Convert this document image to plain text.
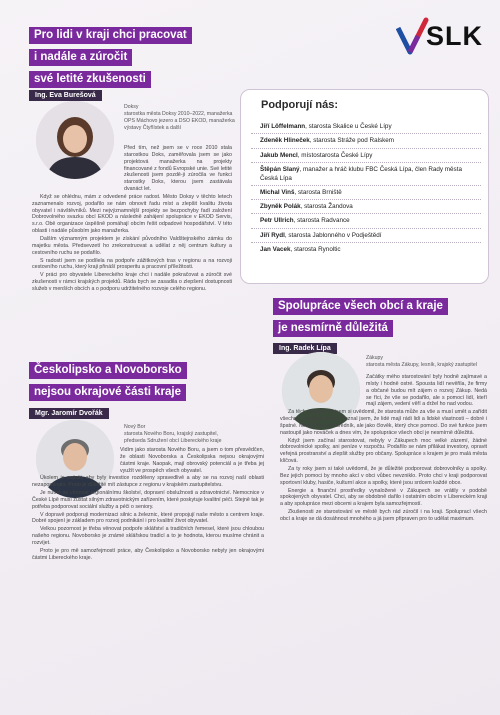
Pro lidi v kraji chci pracovat
i nadále a zúročit
své letité zkušenosti
Ing. Eva Burešová
SLK
Doksy
starostka města Doksy 2010–2022, manažerka
OPS Máchovo jezero a DSO EKOD, manažerka
výstavy Čtyřlístek a další

Před tím, než jsem se v roce 2010 stala starostkou Doks, zaměřovala jsem se jako projektová manažerka na projekty financované z fondů Evropské unie. Své letité zkušenosti jsem pozdě-ji zúročila ve funkci starostky Doks, kterou jsem zastávala dvanáct let.

Když se ohlédnu, mám z odvedené práce radost. Město Doksy v těchto letech zaznamenalo rozvoj, podařilo se nám obnovit řadu míst a zlepšit kvalitu života obyvatel i návštěvníků. Mezi nejvýznamnější projekty se bezpochyby řadí založení Dobrovolného svazku obcí EKOD a následně zahájení spolupráce v EKOD Servis, s.r.o. Obě organizace úspěšně pomáhají obcím řešit odpadové hospodářství. V této oblasti i nadále působím jako manažerka.

Dalším významným projektem je získání původního Valdštejnského zámku do majetku města. Předsevzetí ho zrekonstruovat a udělat z něj centrum kultury a cestovního ruchu se podařilo.

S radostí jsem se podílela na podpoře zážitkových tras v regionu a na rozvoji cestovního ruchu, který kraji přináší prosperitu a pracovní příležitosti.

V práci pro obyvatele Libereckého kraje chci i nadále pokračovat a zúročit své zkušenosti v rámci krajských projektů. Ráda bych se zasadila o zlepšení dostupnosti služeb v menších obcích a o podporu udržitelného rozvoje celého regionu.

Podporují nás:
Jiří Löffelmann, starosta Skalice u České Lípy
Zdeněk Hlineček, starosta Stráže pod Ralskem
Jakub Mencl, místostarosta České Lípy
Štěpán Slaný, manažer a hráč klubu FBC Česká Lípa, člen Rady města Česká Lípa
Michal Vinš, starosta Brniště
Zbyněk Polák, starosta Žandova
Petr Ullrich, starosta Radvance
Jiří Rydl, starosta Jablonného v Podještědí
Jan Vacek, starosta Rynoltic
Spolupráce všech obcí a kraje
je nesmírně důležitá
Ing. Radek Lípa
Zákupy
starosta města Zákupy, lesník, krajský zastupitel

Začátky mého starostování byly hodně zajímavé a místy i hodně ostré. Spousta lidí nevěřila, že firmy a občané budou mít zájem o rozvoj Zákup. Nedá se říci, že vše se podařilo, ale s pomocí lidí, kteří mají zájem, vedení věří a držel ho nad vodou.

Za těch dvanáct let jsem si uvědomil, že starosta může za vše a musí umět a zařídit všechno a nejlépe ihned. Poznal jsem, že lidé mají rádi lidi a lidské vlastnosti – dobré i špatné. Nechodím jako úředník, ale jako člověk, který chce pomoci. Do své funkce jsem nastoupil jako nováček a dnes vím, že spolupráce všech obcí je nesmírně důležitá.

Když jsem začínal starostovat, nebyly v Zákupech moc velké zázemí, žádné dobrovolnické spolky, ani peníze v rozpočtu. Podařilo se nám přilákat investory, opravit veřejná prostranství a zlepšit služby pro občany. Spolupráce s krajem je pro malá města klíčová.

Za ty roky jsem si také uvědomil, že je důležité podporovat dobrovolníky a spolky. Bez jejich pomoci by mnoho akcí v obci vůbec nevzniklo. Proto chci v kraji podporovat sportovní kluby, hasiče, kulturní akce a spolky, které jsou srdcem každé obce.

Energie a finanční prostředky vynaložené v Zákupech se vrátily v podobě spokojených obyvatel. Chci, aby se obdobně dařilo i ostatním obcím v Libereckém kraji a aby spolupráce mezi obcemi a krajem byla samozřejmostí.

Zkušenosti ze starostování ve městě bych rád zúročil i na kraji. Spoluprací všech obcí a kraje se dá dosáhnout mnohého a já jsem připraven pro to udělat maximum.

Českolipsko a Novoborsko
nejsou okrajové části kraje
Mgr. Jaromír Dvořák
Nový Bor
starosta Nového Boru, krajský zastupitel,
předseda Sdružení obcí Libereckého kraje

Vidím jako starosta Nového Boru, a jsem o tom přesvědčen, že oblasti Novoborska a Českolipska nejsou okrajovými částmi kraje. Naopak, mají obrovský potenciál a je třeba jej využít ve prospěch všech obyvatel.

Úkolem je zajistit, aby byly investice rozděleny spravedlivě a aby se na rozvoj naší oblasti nezapomínalo. Proto je důležité mít zástupce z regionu v krajském zastupitelstvu.

Je nutné se věnovat regionálnímu školství, dopravní obslužnosti a zdravotnictví. Nemocnice v České Lípě musí zůstat silným zdravotnickým zařízením, které poskytuje kvalitní péči. Stejně tak je potřeba podporovat sociální služby a péči o seniory.

V dopravě podporuji modernizaci silnic a železnic, které propojují naše město s centrem kraje. Dobré spojení je základem pro rozvoj podnikání i pro kvalitní život obyvatel.

Velkou pozornost je třeba věnovat podpoře sklářství a tradičních řemesel, které jsou chloubou našeho regionu. Novoborsko je známé sklářskou tradicí a to je hodnota, kterou musíme chránit a rozvíjet.

Proto je pro mě samozřejmostí práce, aby Českolipsko a Novoborsko nebyly jen okrajovými částmi Libereckého kraje.
